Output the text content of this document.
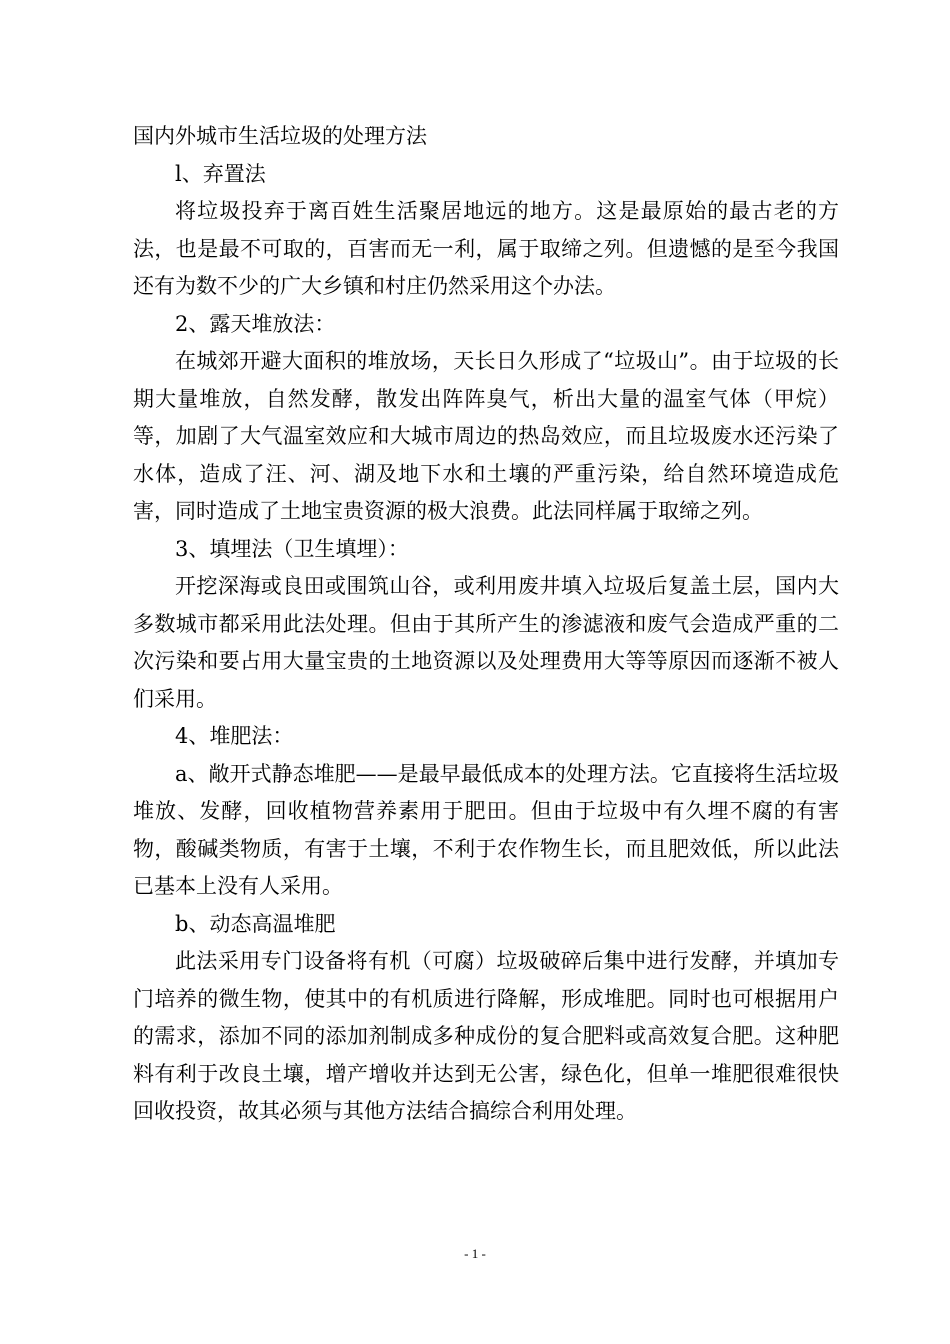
国内外城市生活垃圾的处理方法

l、弃置法

将垃圾投弃于离百姓生活聚居地远的地方。这是最原始的最古老的方法，也是最不可取的，百害而无一利，属于取缔之列。但遗憾的是至今我国还有为数不少的广大乡镇和村庄仍然采用这个办法。

2、露天堆放法：

在城郊开避大面积的堆放场，天长日久形成了“垃圾山”。由于垃圾的长期大量堆放，自然发酵，散发出阵阵臭气，析出大量的温室气体（甲烷）等，加剧了大气温室效应和大城市周边的热岛效应，而且垃圾废水还污染了水体，造成了汪、河、湖及地下水和土壤的严重污染，给自然环境造成危害，同时造成了土地宝贵资源的极大浪费。此法同样属于取缔之列。

3、填埋法（卫生填埋）：

开挖深海或良田或围筑山谷，或利用废井填入垃圾后复盖土层，国内大多数城市都采用此法处理。但由于其所产生的渗滤液和废气会造成严重的二次污染和要占用大量宝贵的土地资源以及处理费用大等等原因而逐渐不被人们采用。

4、堆肥法：

a、敞开式静态堆肥——是最早最低成本的处理方法。它直接将生活垃圾堆放、发酵，回收植物营养素用于肥田。但由于垃圾中有久埋不腐的有害物，酸碱类物质，有害于土壤，不利于农作物生长，而且肥效低，所以此法已基本上没有人采用。

b、动态高温堆肥

此法采用专门设备将有机（可腐）垃圾破碎后集中进行发酵，并填加专门培养的微生物，使其中的有机质进行降解，形成堆肥。同时也可根据用户的需求，添加不同的添加剂制成多种成份的复合肥料或高效复合肥。这种肥料有利于改良土壤，增产增收并达到无公害，绿色化，但单一堆肥很难很快回收投资，故其必须与其他方法结合搞综合利用处理。

- 1 -
